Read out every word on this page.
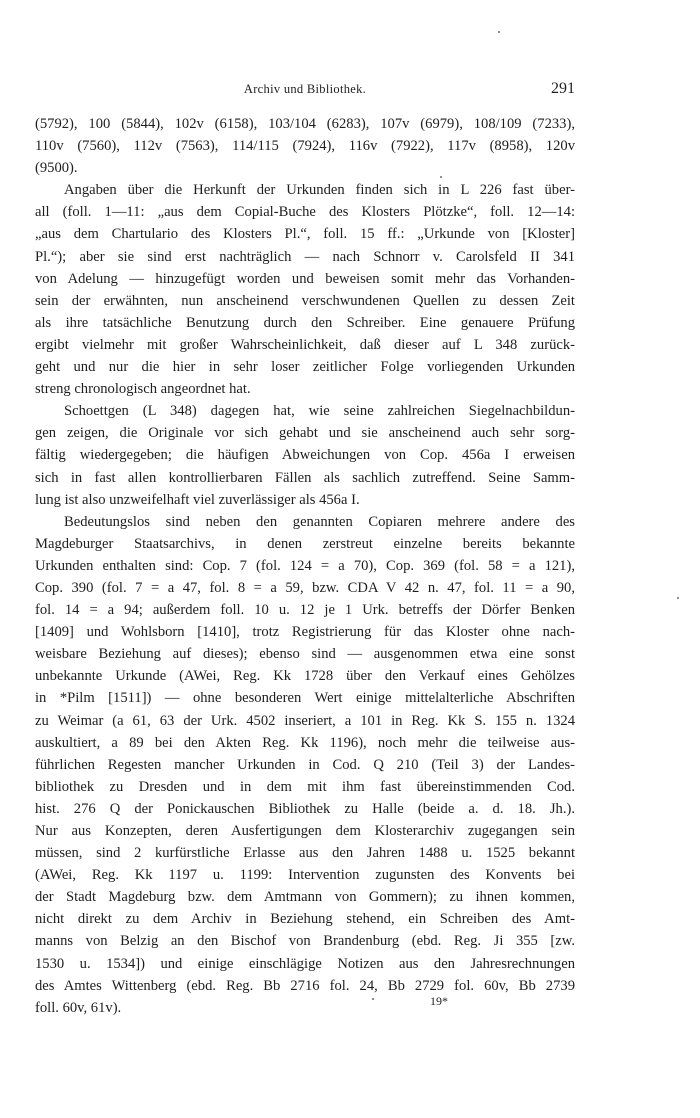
Archiv und Bibliothek.	291
(5792), 100 (5844), 102v (6158), 103/104 (6283), 107v (6979), 108/109 (7233),
110v (7560), 112v (7563), 114/115 (7924), 116v (7922), 117v (8958), 120v
(9500).
Angaben über die Herkunft der Urkunden finden sich in L 226 fast über-
all (foll. 1—11: „aus dem Copial-Buche des Klosters Plötzke“, foll. 12—14:
„aus dem Chartulario des Klosters Pl.“, foll. 15 ff.: „Urkunde von [Kloster]
Pl.“); aber sie sind erst nachträglich — nach Schnorr v. Carolsfeld II 341
von Adelung — hinzugefügt worden und beweisen somit mehr das Vorhanden-
sein der erwähnten, nun anscheinend verschwundenen Quellen zu dessen Zeit
als ihre tatsächliche Benutzung durch den Schreiber. Eine genauere Prüfung
ergibt vielmehr mit großer Wahrscheinlichkeit, daß dieser auf L 348 zurück-
geht und nur die hier in sehr loser zeitlicher Folge vorliegenden Urkunden
streng chronologisch angeordnet hat.
Schoettgen (L 348) dagegen hat, wie seine zahlreichen Siegelnachbildun-
gen zeigen, die Originale vor sich gehabt und sie anscheinend auch sehr sorg-
fältig wiedergegeben; die häufigen Abweichungen von Cop. 456a I erweisen
sich in fast allen kontrollierbaren Fällen als sachlich zutreffend. Seine Samm-
lung ist also unzweifelhaft viel zuverlässiger als 456a I.
Bedeutungslos sind neben den genannten Copiaren mehrere andere des
Magdeburger Staatsarchivs, in denen zerstreut einzelne bereits bekannte
Urkunden enthalten sind: Cop. 7 (fol. 124 = a 70), Cop. 369 (fol. 58 = a 121),
Cop. 390 (fol. 7 = a 47, fol. 8 = a 59, bzw. CDA V 42 n. 47, fol. 11 = a 90,
fol. 14 = a 94; außerdem foll. 10 u. 12 je 1 Urk. betreffs der Dörfer Benken
[1409] und Wohlsborn [1410], trotz Registrierung für das Kloster ohne nach-
weisbare Beziehung auf dieses); ebenso sind — ausgenommen etwa eine sonst
unbekannte Urkunde (AWei, Reg. Kk 1728 über den Verkauf eines Gehölzes
in *Pilm [1511]) — ohne besonderen Wert einige mittelalterliche Abschriften
zu Weimar (a 61, 63 der Urk. 4502 inseriert, a 101 in Reg. Kk S. 155 n. 1324
auskultiert, a 89 bei den Akten Reg. Kk 1196), noch mehr die teilweise aus-
führlichen Regesten mancher Urkunden in Cod. Q 210 (Teil 3) der Landes-
bibliothek zu Dresden und in dem mit ihm fast übereinstimmenden Cod.
hist. 276 Q der Ponickauschen Bibliothek zu Halle (beide a. d. 18. Jh.).
Nur aus Konzepten, deren Ausfertigungen dem Klosterarchiv zugegangen sein
müssen, sind 2 kurfürstliche Erlasse aus den Jahren 1488 u. 1525 bekannt
(AWei, Reg. Kk 1197 u. 1199: Intervention zugunsten des Konvents bei
der Stadt Magdeburg bzw. dem Amtmann von Gommern); zu ihnen kommen,
nicht direkt zu dem Archiv in Beziehung stehend, ein Schreiben des Amt-
manns von Belzig an den Bischof von Brandenburg (ebd. Reg. Ji 355 [zw.
1530 u. 1534]) und einige einschlägige Notizen aus den Jahresrechnungen
des Amtes Wittenberg (ebd. Reg. Bb 2716 fol. 24, Bb 2729 fol. 60v, Bb 2739
foll. 60v, 61v).	19*
